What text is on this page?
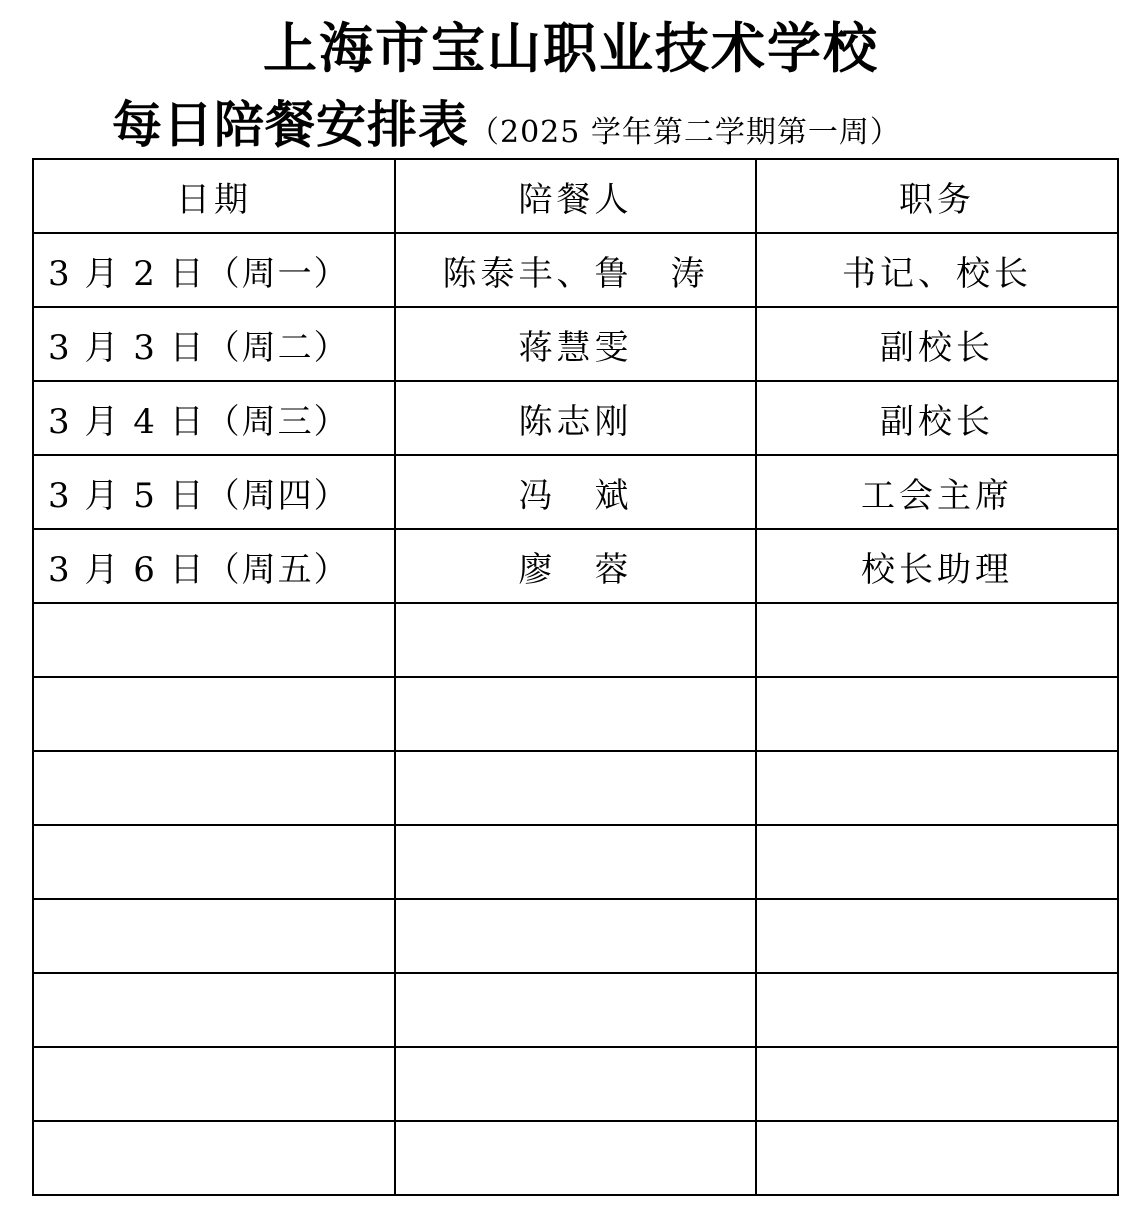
上海市宝山职业技术学校
每日陪餐安排表（2025 学年第二学期第一周）
日期	陪餐人	职务
3 月 2 日（周一）	陈泰丰、鲁　涛	书记、校长
3 月 3 日（周二）	蒋慧雯	副校长
3 月 4 日（周三）	陈志刚	副校长
3 月 5 日（周四）	冯　斌	工会主席
3 月 6 日（周五）	廖　蓉	校长助理
